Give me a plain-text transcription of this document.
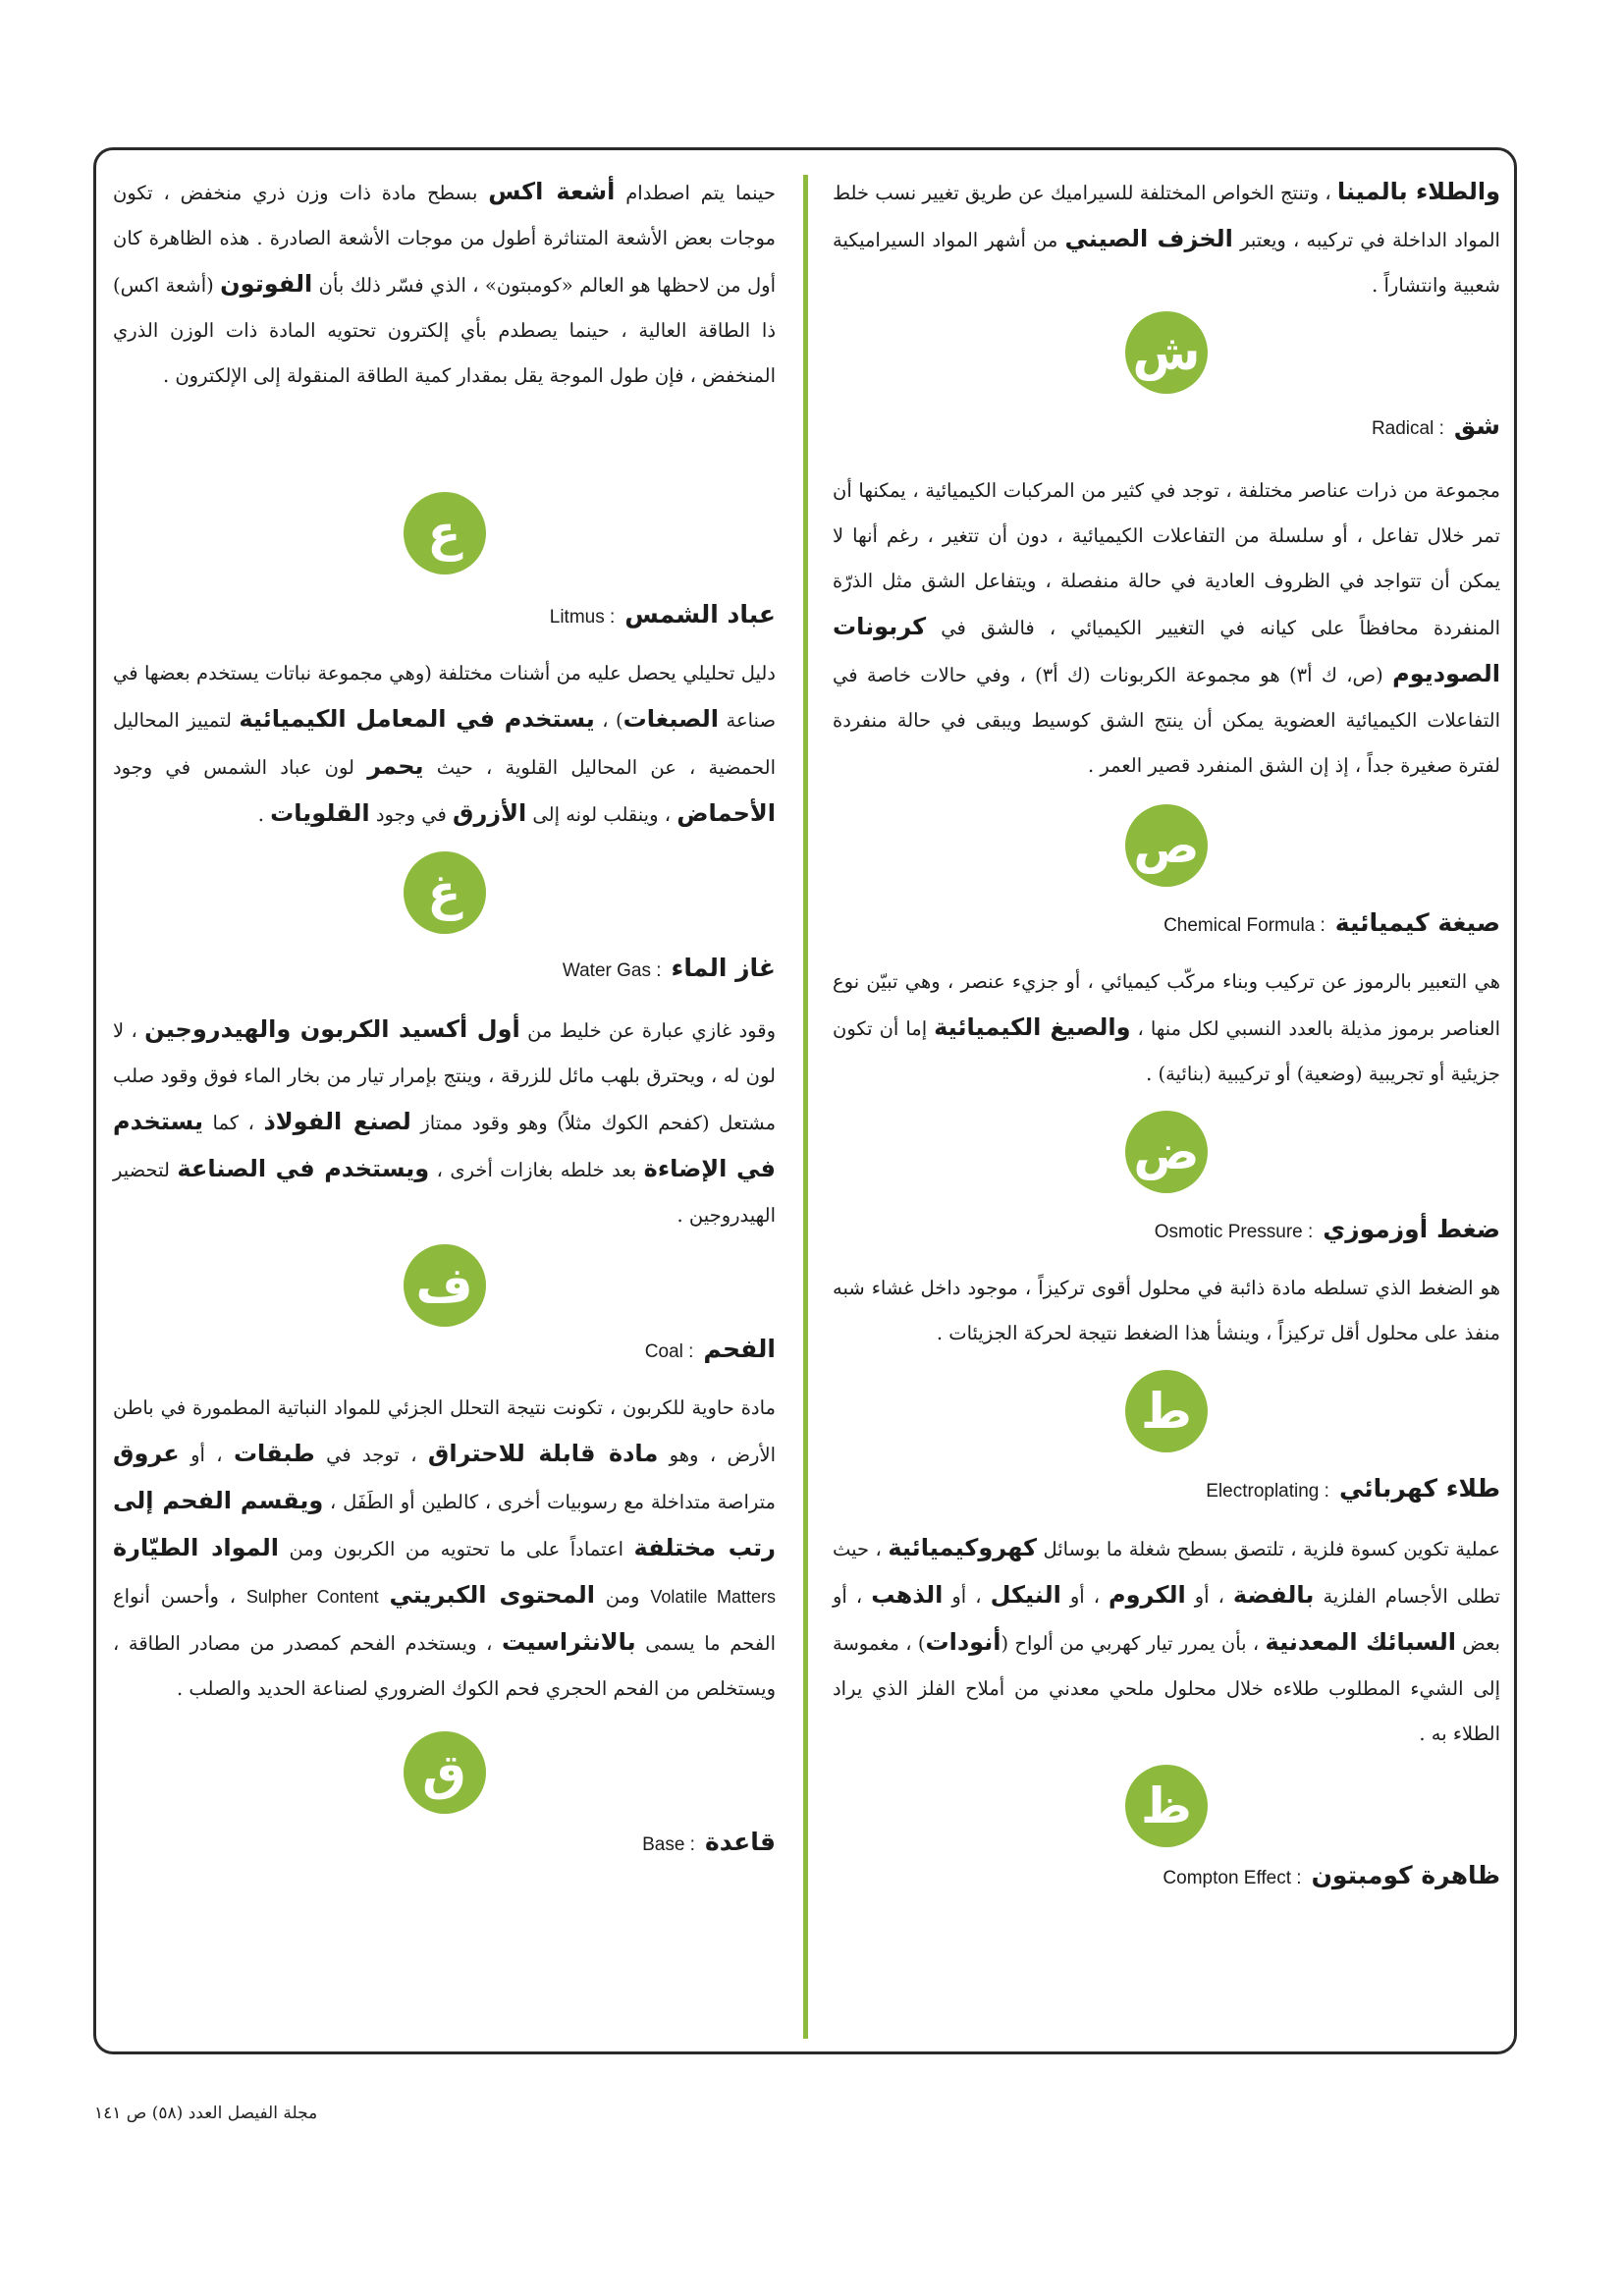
والطلاء بالمينا ، وتنتج الخواص المختلفة للسيراميك عن طريق تغيير نسب خلط المواد الداخلة في تركيبه ، ويعتبر الخزف الصيني من أشهر المواد السيراميكية شعبية وانتشاراً .

ش
شق
Radical :

مجموعة من ذرات عناصر مختلفة ، توجد في كثير من المركبات الكيميائية ، يمكنها أن تمر خلال تفاعل ، أو سلسلة من التفاعلات الكيميائية ، دون أن تتغير ، رغم أنها لا يمكن أن تتواجد في الظروف العادية في حالة منفصلة ، ويتفاعل الشق مثل الذرّة المنفردة محافظاً على كيانه في التغيير الكيميائي ، فالشق في كربونات الصوديوم (ص، ك أ٣) هو مجموعة الكربونات (ك أ٣) ، وفي حالات خاصة في التفاعلات الكيميائية العضوية يمكن أن ينتج الشق كوسيط ويبقى في حالة منفردة لفترة صغيرة جداً ، إذ إن الشق المنفرد قصير العمر .

ص
صيغة كيميائية
Chemical Formula :

هي التعبير بالرموز عن تركيب وبناء مركّب كيميائي ، أو جزيء عنصر ، وهي تبيّن نوع العناصر برموز مذيلة بالعدد النسبي لكل منها ، والصيغ الكيميائية إما أن تكون جزيئية أو تجريبية (وضعية) أو تركيبية (بنائية) .

ض
ضغط أوزموزي
Osmotic Pressure :

هو الضغط الذي تسلطه مادة ذائبة في محلول أقوى تركيزاً ، موجود داخل غشاء شبه منفذ على محلول أقل تركيزاً ، وينشأ هذا الضغط نتيجة لحركة الجزيئات .

ط
طلاء كهربائي
Electroplating :

عملية تكوين كسوة فلزية ، تلتصق بسطح شغلة ما بوسائل كهروكيميائية ، حيث تطلى الأجسام الفلزية بالفضة ، أو الكروم ، أو النيكل ، أو الذهب ، أو بعض السبائك المعدنية ، بأن يمرر تيار كهربي من ألواح (أنودات) ، مغموسة إلى الشيء المطلوب طلاءه خلال محلول ملحي معدني من أملاح الفلز الذي يراد الطلاء به .

ظ
ظاهرة كومبتون
Compton Effect :

حينما يتم اصطدام أشعة اكس بسطح مادة ذات وزن ذري منخفض ، تكون موجات بعض الأشعة المتناثرة أطول من موجات الأشعة الصادرة . هذه الظاهرة كان أول من لاحظها هو العالم «كومبتون» ، الذي فسّر ذلك بأن الفوتون (أشعة اكس) ذا الطاقة العالية ، حينما يصطدم بأي إلكترون تحتويه المادة ذات الوزن الذري المنخفض ، فإن طول الموجة يقل بمقدار كمية الطاقة المنقولة إلى الإلكترون .

ع
عباد الشمس
Litmus :

دليل تحليلي يحصل عليه من أشنات مختلفة (وهي مجموعة نباتات يستخدم بعضها في صناعة الصبغات) ، يستخدم في المعامل الكيميائية لتمييز المحاليل الحمضية ، عن المحاليل القلوية ، حيث يحمر لون عباد الشمس في وجود الأحماض ، وينقلب لونه إلى الأزرق في وجود القلويات .

غ
غاز الماء
Water Gas :

وقود غازي عبارة عن خليط من أول أكسيد الكربون والهيدروجين ، لا لون له ، ويحترق بلهب مائل للزرقة ، وينتج بإمرار تيار من بخار الماء فوق وقود صلب مشتعل (كفحم الكوك مثلاً) وهو وقود ممتاز لصنع الفولاذ ، كما يستخدم في الإضاءة بعد خلطه بغازات أخرى ، ويستخدم في الصناعة لتحضير الهيدروجين .

ف
الفحم
Coal :

مادة حاوية للكربون ، تكونت نتيجة التحلل الجزئي للمواد النباتية المطمورة في باطن الأرض ، وهو مادة قابلة للاحتراق ، توجد في طبقات ، أو عروق متراصة متداخلة مع رسوبيات أخرى ، كالطين أو الطَفَل ، ويقسم الفحم إلى رتب مختلفة اعتماداً على ما تحتويه من الكربون ومن المواد الطيّارة Volatile Matters ومن المحتوى الكبريتي Sulpher Content ، وأحسن أنواع الفحم ما يسمى بالانثراسيت ، ويستخدم الفحم كمصدر من مصادر الطاقة ، ويستخلص من الفحم الحجري فحم الكوك الضروري لصناعة الحديد والصلب .

ق
قاعدة
Base :
مجلة الفيصل العدد (٥٨) ص ١٤١
